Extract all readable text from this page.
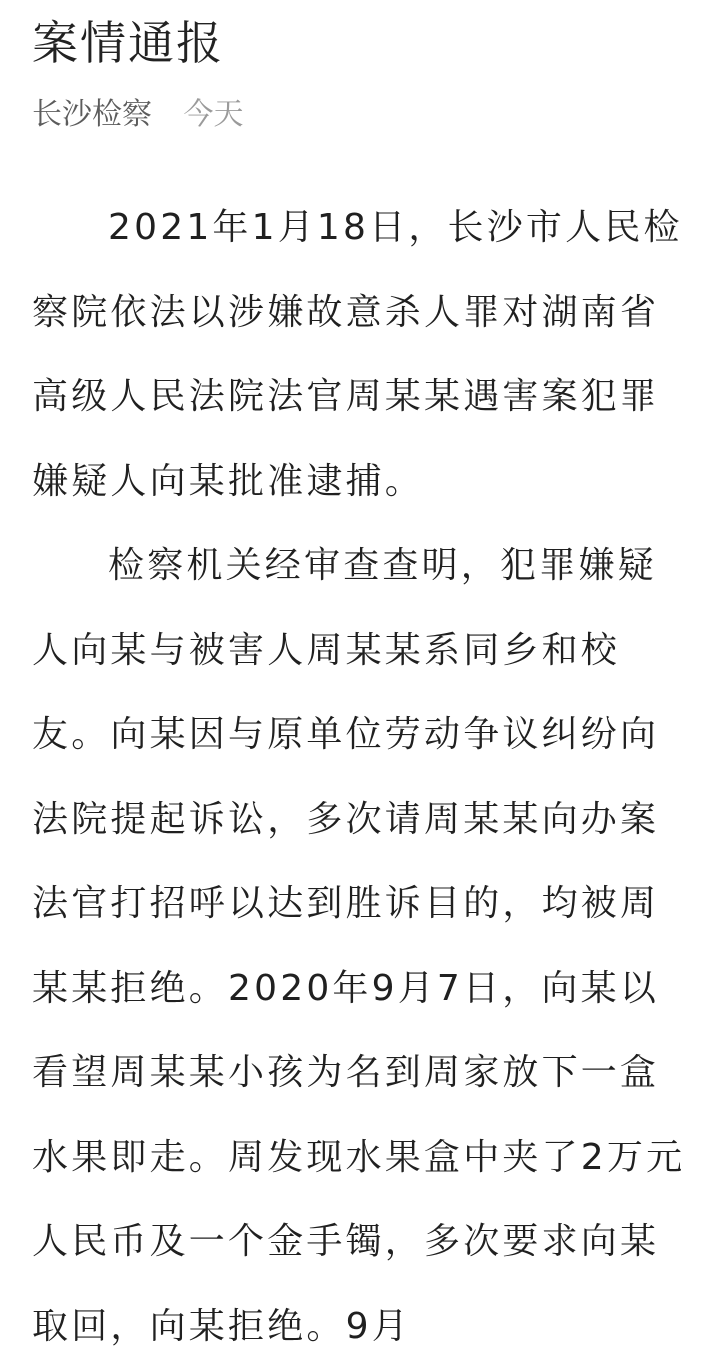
案情通报
长沙检察 今天

2021年1月18日，长沙市人民检察院依法以涉嫌故意杀人罪对湖南省高级人民法院法官周某某遇害案犯罪嫌疑人向某批准逮捕。

检察机关经审查查明，犯罪嫌疑人向某与被害人周某某系同乡和校友。向某因与原单位劳动争议纠纷向法院提起诉讼，多次请周某某向办案法官打招呼以达到胜诉目的，均被周某某拒绝。2020年9月7日，向某以看望周某某小孩为名到周家放下一盒水果即走。周发现水果盒中夹了2万元人民币及一个金手镯，多次要求向某取回，向某拒绝。9月
